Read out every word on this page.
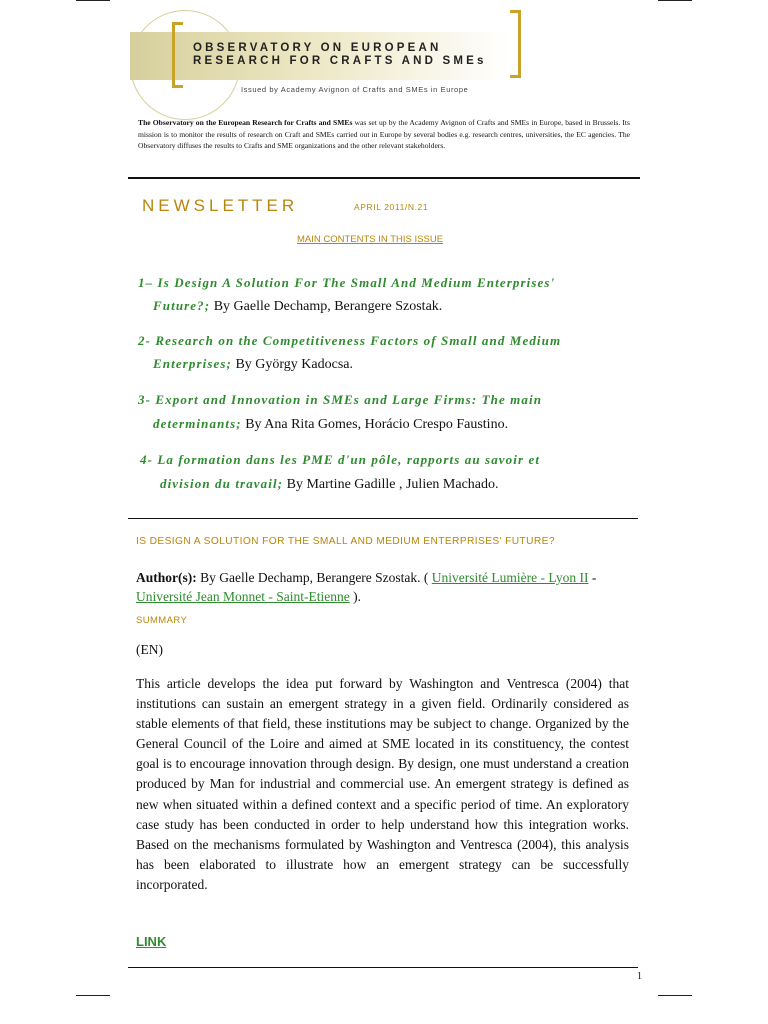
OBSERVATORY ON EUROPEAN
RESEARCH FOR CRAFTS AND SMEs
Issued by Academy Avignon of Crafts and SMEs in Europe
The Observatory on the European Research for Crafts and SMEs was set up by the Academy Avignon of Crafts and SMEs in Europe, based in Brussels. Its mission is to monitor the results of research on Craft and SMEs carried out in Europe by several bodies e.g. research centres, universities, the EC agencies. The Observatory diffuses the results to Crafts and SME organizations and the other relevant stakeholders.
NEWSLETTER	APRIL 2011/N.21
MAIN CONTENTS IN THIS ISSUE
1– Is Design A Solution For The Small And Medium Enterprises'
Future?; By Gaelle Dechamp, Berangere Szostak.
2- Research on the Competitiveness Factors of Small and Medium
Enterprises; By György Kadocsa.
3- Export and Innovation in SMEs and Large Firms: The main
determinants; By Ana Rita Gomes, Horácio Crespo Faustino.
4- La formation dans les PME d'un pôle, rapports au savoir et
division du travail; By Martine Gadille , Julien Machado.
IS DESIGN A SOLUTION FOR THE SMALL AND MEDIUM ENTERPRISES' FUTURE?
Author(s): By Gaelle Dechamp, Berangere Szostak. ( Université Lumière - Lyon II - Université Jean Monnet - Saint-Etienne ).
SUMMARY
(EN)
This article develops the idea put forward by Washington and Ventresca (2004) that institutions can sustain an emergent strategy in a given field. Ordinarily considered as stable elements of that field, these institutions may be subject to change. Organized by the General Council of the Loire and aimed at SME located in its constituency, the contest goal is to encourage innovation through design. By design, one must understand a creation produced by Man for industrial and commercial use. An emergent strategy is defined as new when situated within a defined context and a specific period of time. An exploratory case study has been conducted in order to help understand how this integration works. Based on the mechanisms formulated by Washington and Ventresca (2004), this analysis has been elaborated to illustrate how an emergent strategy can be successfully incorporated.
LINK
1
